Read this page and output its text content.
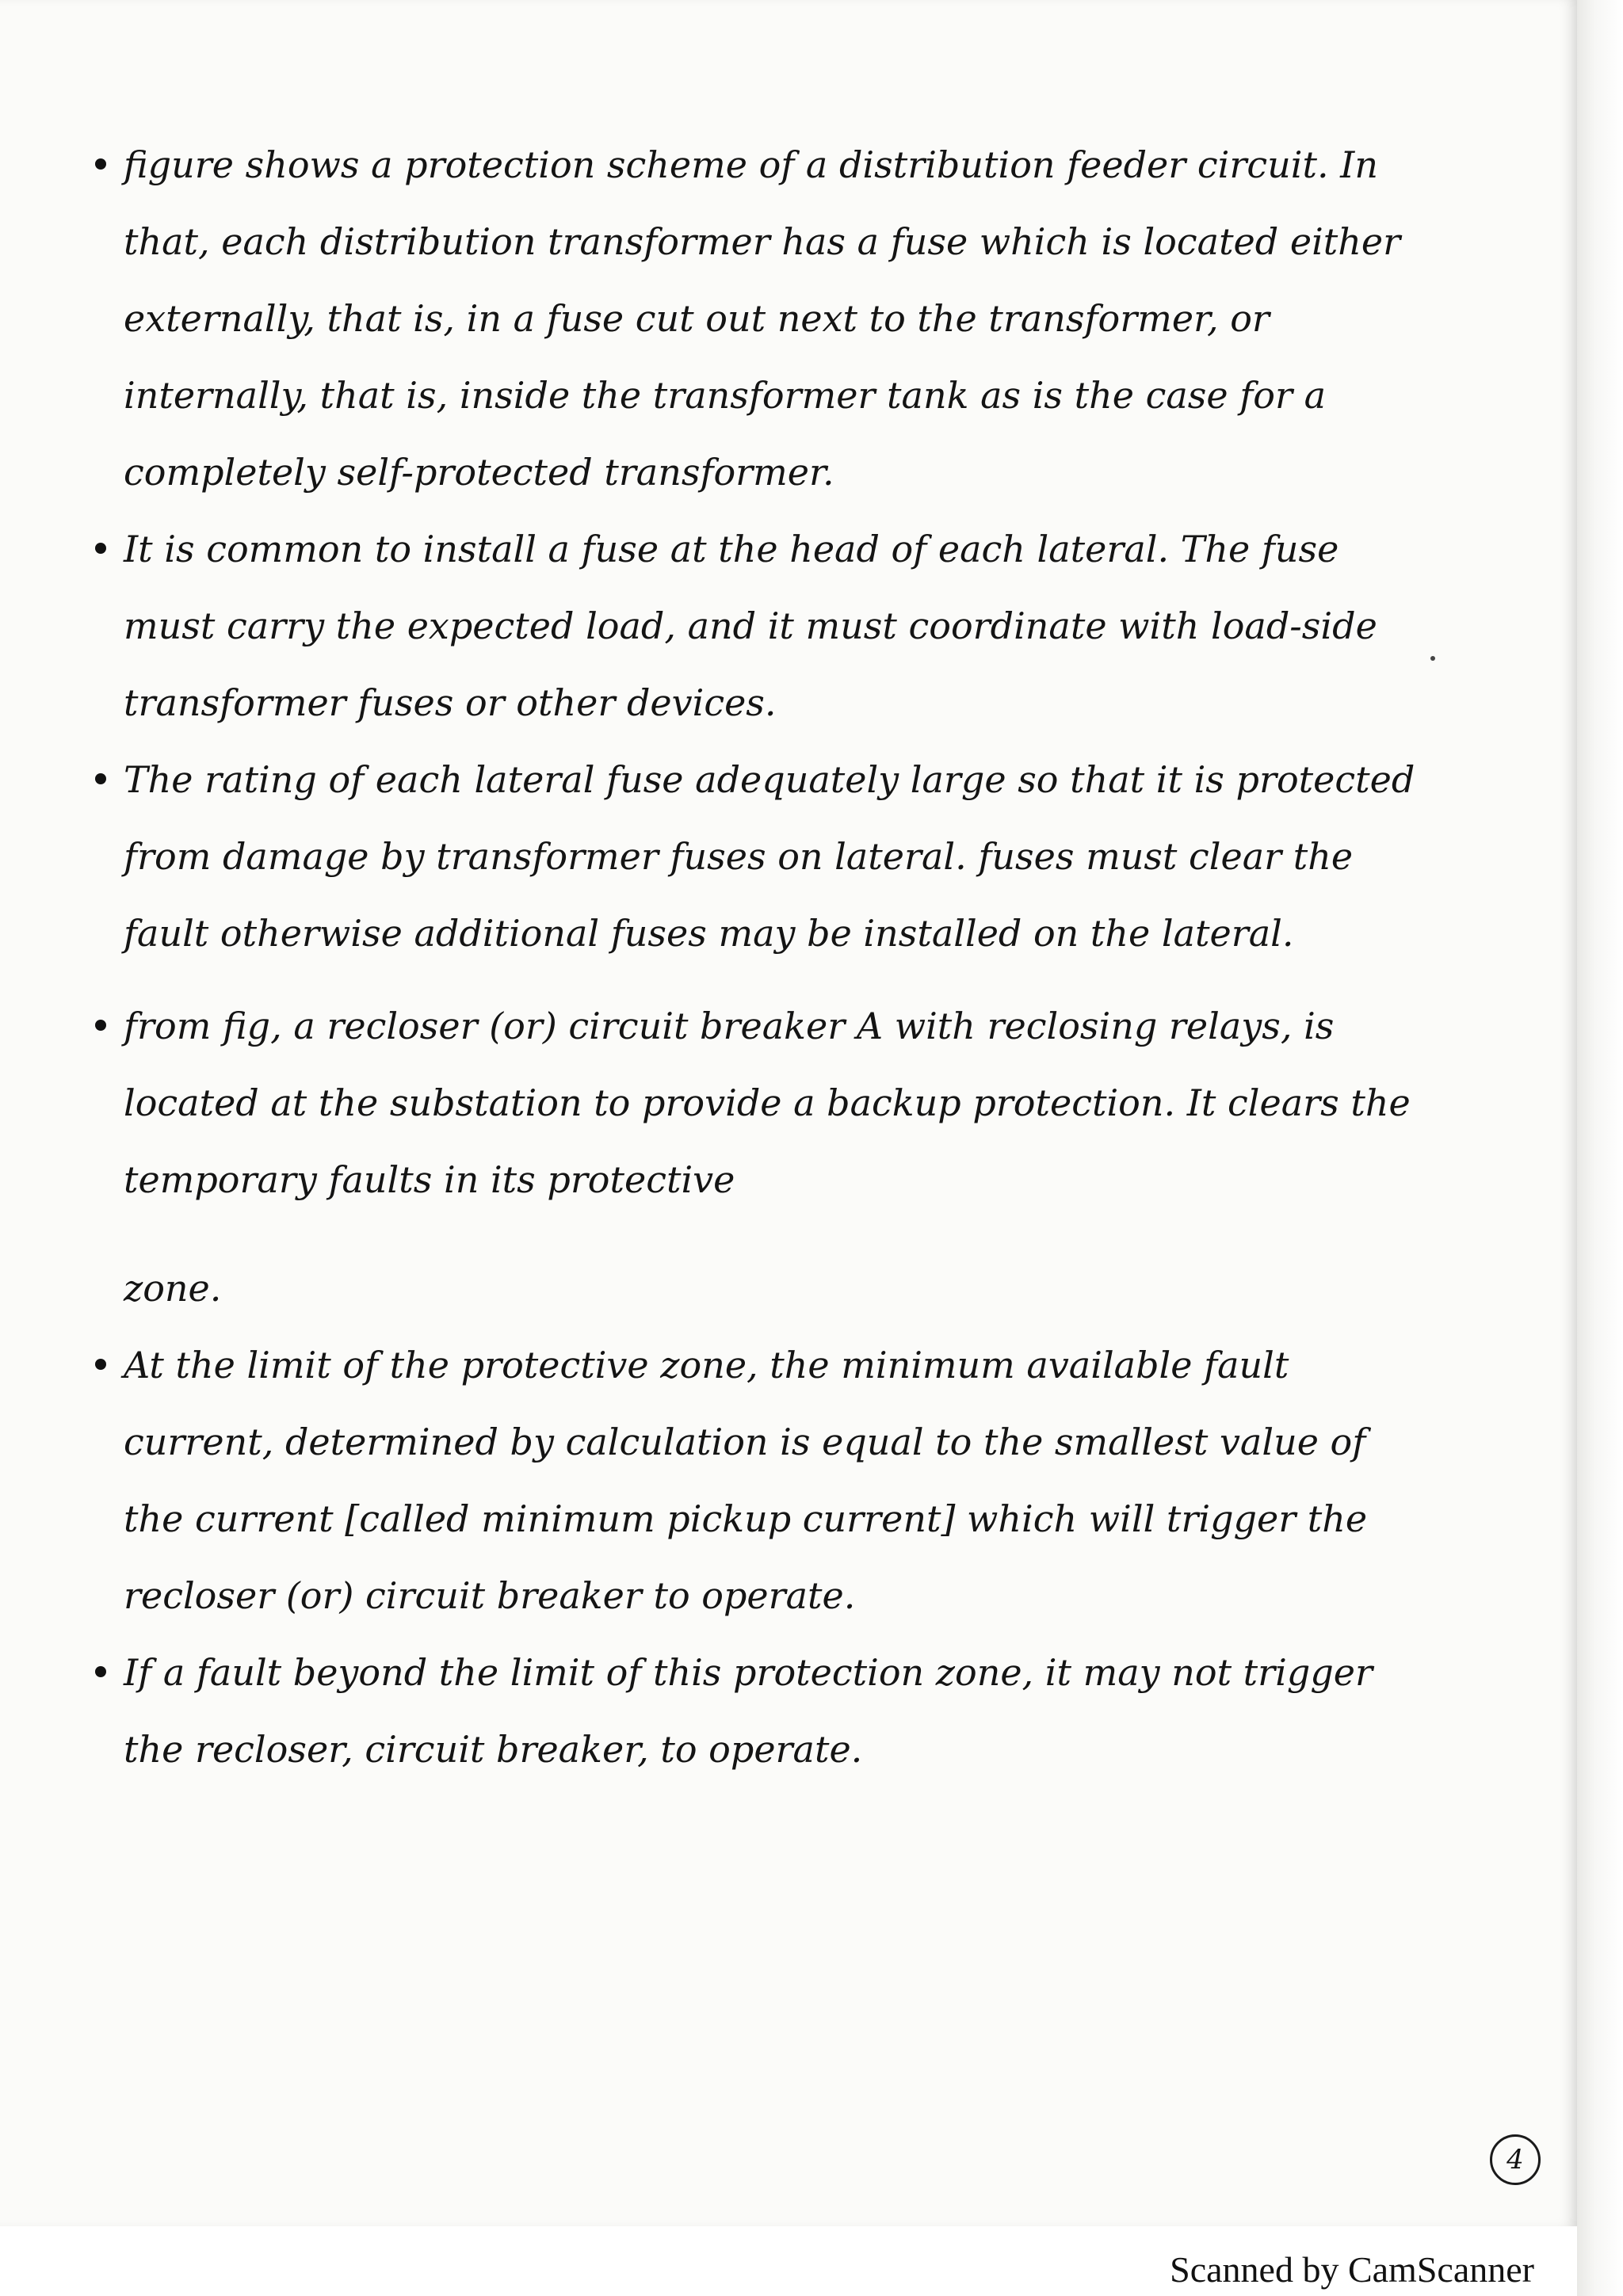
figure shows a protection scheme of a distribution feeder circuit. In that, each distribution transformer has a fuse which is located either externally, that is, in a fuse cut out next to the transformer, or internally, that is, inside the transformer tank as is the case for a completely self-protected transformer.

It is common to install a fuse at the head of each lateral. The fuse must carry the expected load, and it must coordinate with load-side transformer fuses or other devices.

The rating of each lateral fuse adequately large so that it is protected from damage by transformer fuses on lateral. fuses must clear the fault otherwise additional fuses may be installed on the lateral.

from fig, a recloser (or) circuit breaker A with reclosing relays, is located at the substation to provide a backup protection. It clears the temporary faults in its protective
zone.

At the limit of the protective zone, the minimum available fault current, determined by calculation is equal to the smallest value of the current [called minimum pickup current] which will trigger the recloser (or) circuit breaker to operate.

If a fault beyond the limit of this protection zone, it may not trigger the recloser, circuit breaker, to operate.

4
Scanned by CamScanner
